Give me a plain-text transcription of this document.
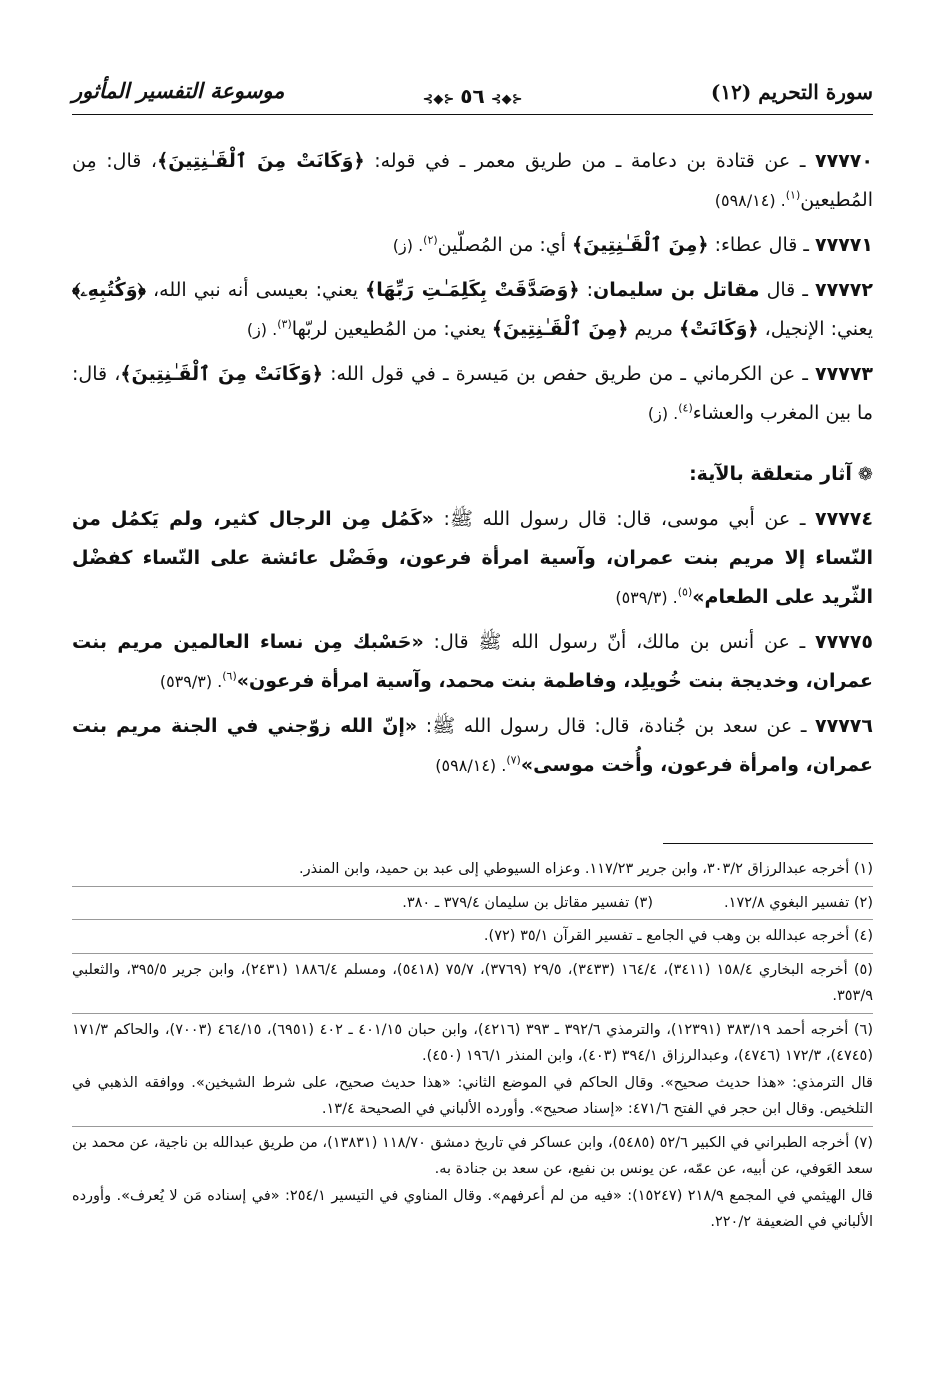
سورة التحريم (١٢)
⊰◆⊱٥٦⊰◆⊱
موسوعة التفسير المأثور

٧٧٧٧٠ ـ عن قتادة بن دعامة ـ من طريق معمر ـ في قوله: ﴿وَكَانَتْ مِنَ ٱلْقَـٰنِتِينَ﴾، قال: مِن المُطيعين$^{(١)}$. (٥٩٨/١٤)

٧٧٧٧١ ـ قال عطاء: ﴿مِنَ ٱلْقَـٰنِتِينَ﴾ أي: من المُصلّين$^{(٢)}$. (ز)

٧٧٧٧٢ ـ قال مقاتل بن سليمان: ﴿وَصَدَّقَتْ بِكَلِمَـٰتِ رَبِّهَا﴾ يعني: بعيسى أنه نبي الله، ﴿وَكُتُبِهِۦ﴾ يعني: الإنجيل، ﴿وَكَانَتْ﴾ مريم ﴿مِنَ ٱلْقَـٰنِتِينَ﴾ يعني: من المُطيعين لربّها$^{(٣)}$. (ز)

٧٧٧٧٣ ـ عن الكرماني ـ من طريق حفص بن مَيسرة ـ في قول الله: ﴿وَكَانَتْ مِنَ ٱلْقَـٰنِتِينَ﴾، قال: ما بين المغرب والعشاء$^{(٤)}$. (ز)

❁آثار متعلقة بالآية:

٧٧٧٧٤ ـ عن أبي موسى، قال: قال رسول الله ﷺ: «كَمُل مِن الرجال كثير، ولم يَكمُل من النّساء إلا مريم بنت عمران، وآسية امرأة فرعون، وفَضْل عائشة على النّساء كفضْل الثّريد على الطعام»$^{(٥)}$. (٥٣٩/٣)

٧٧٧٧٥ ـ عن أنس بن مالك، أنّ رسول الله ﷺ قال: «حَسْبك مِن نساء العالمين مريم بنت عمران، وخديجة بنت خُويلِد، وفاطمة بنت محمد، وآسية امرأة فرعون»$^{(٦)}$. (٥٣٩/٣)

٧٧٧٧٦ ـ عن سعد بن جُنادة، قال: قال رسول الله ﷺ: «إنّ الله زوّجني في الجنة مريم بنت عمران، وامرأة فرعون، وأُخت موسى»$^{(٧)}$. (٥٩٨/١٤)

(١) أخرجه عبدالرزاق ٣٠٣/٢، وابن جرير ١١٧/٢٣. وعزاه السيوطي إلى عبد بن حميد، وابن المنذر.

(٢) تفسير البغوي ١٧٢/٨.
(٣) تفسير مقاتل بن سليمان ٣٧٩/٤ ـ ٣٨٠.

(٤) أخرجه عبدالله بن وهب في الجامع ـ تفسير القرآن ٣٥/١ (٧٢).

(٥) أخرجه البخاري ١٥٨/٤ (٣٤١١)، ١٦٤/٤ (٣٤٣٣)، ٢٩/٥ (٣٧٦٩)، ٧٥/٧ (٥٤١٨)، ومسلم ١٨٨٦/٤ (٢٤٣١)، وابن جرير ٣٩٥/٥، والثعلبي ٣٥٣/٩.

(٦) أخرجه أحمد ٣٨٣/١٩ (١٢٣٩١)، والترمذي ٣٩٢/٦ ـ ٣٩٣ (٤٢١٦)، وابن حبان ٤٠١/١٥ ـ ٤٠٢ (٦٩٥١)، ٤٦٤/١٥ (٧٠٠٣)، والحاكم ١٧١/٣ (٤٧٤٥)، ١٧٢/٣ (٤٧٤٦)، وعبدالرزاق ٣٩٤/١ (٤٠٣)، وابن المنذر ١٩٦/١ (٤٥٠).

قال الترمذي: «هذا حديث صحيح». وقال الحاكم في الموضع الثاني: «هذا حديث صحيح، على شرط الشيخين». ووافقه الذهبي في التلخيص. وقال ابن حجر في الفتح ٤٧١/٦: «إسناد صحيح». وأورده الألباني في الصحيحة ١٣/٤.

(٧) أخرجه الطبراني في الكبير ٥٢/٦ (٥٤٨٥)، وابن عساكر في تاريخ دمشق ١١٨/٧٠ (١٣٨٣١)، من طريق عبدالله بن ناجية، عن محمد بن سعد العَوفي، عن أبيه، عن عمّه، عن يونس بن نفيع، عن سعد بن جنادة به.

قال الهيثمي في المجمع ٢١٨/٩ (١٥٢٤٧): «فيه من لم أعرفهم». وقال المناوي في التيسير ٢٥٤/١: «في إسناده مَن لا يُعرف». وأورده الألباني في الضعيفة ٢٢٠/٢.
